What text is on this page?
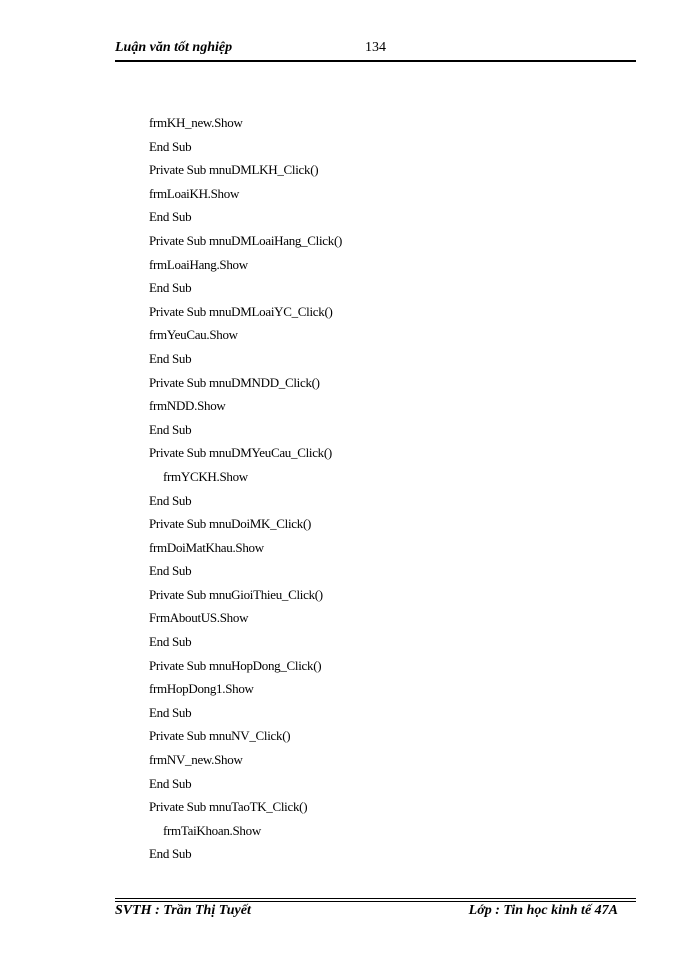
Luận văn tốt nghiệp	134
frmKH_new.Show
End Sub
Private Sub mnuDMLKH_Click()
frmLoaiKH.Show
End Sub
Private Sub mnuDMLoaiHang_Click()
frmLoaiHang.Show
End Sub
Private Sub mnuDMLoaiYC_Click()
frmYeuCau.Show
End Sub
Private Sub mnuDMNDD_Click()
frmNDD.Show
End Sub
Private Sub mnuDMYeuCau_Click()
frmYCKH.Show
End Sub
Private Sub mnuDoiMK_Click()
frmDoiMatKhau.Show
End Sub
Private Sub mnuGioiThieu_Click()
FrmAboutUS.Show
End Sub
Private Sub mnuHopDong_Click()
frmHopDong1.Show
End Sub
Private Sub mnuNV_Click()
frmNV_new.Show
End Sub
Private Sub mnuTaoTK_Click()
frmTaiKhoan.Show
End Sub
SVTH : Trần Thị Tuyết	Lớp : Tin học kinh tế 47A
